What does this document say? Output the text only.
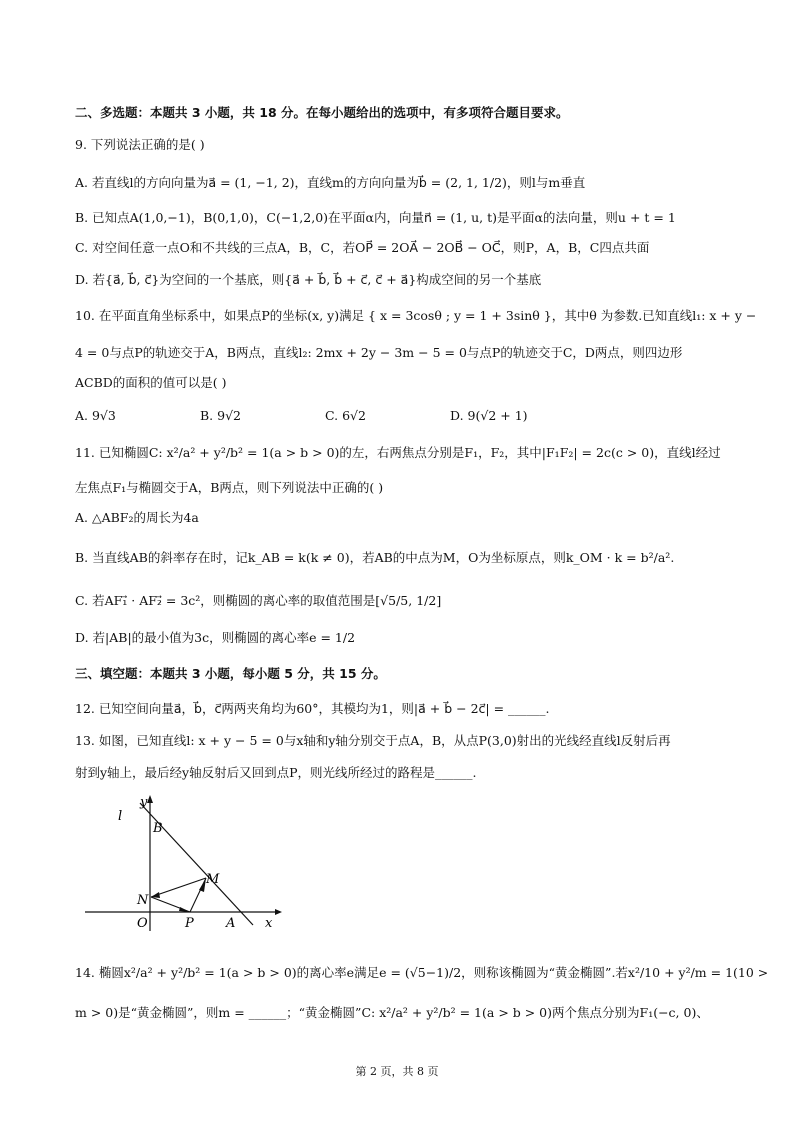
二、多选题：本题共 3 小题，共 18 分。在每小题给出的选项中，有多项符合题目要求。
9. 下列说法正确的是( )
A. 若直线l的方向向量为a⃗ = (1, −1, 2)，直线m的方向向量为b⃗ = (2, 1, 1/2)，则l与m垂直
B. 已知点A(1,0,−1)，B(0,1,0)，C(−1,2,0)在平面α内，向量n⃗ = (1, u, t)是平面α的法向量，则u + t = 1
C. 对空间任意一点O和不共线的三点A，B，C，若OP⃗ = 2OA⃗ − 2OB⃗ − OC⃗，则P，A，B，C四点共面
D. 若{a⃗, b⃗, c⃗}为空间的一个基底，则{a⃗ + b⃗, b⃗ + c⃗, c⃗ + a⃗}构成空间的另一个基底
10. 在平面直角坐标系中，如果点P的坐标(x, y)满足 { x = 3cosθ ; y = 1 + 3sinθ }，其中θ 为参数.已知直线l₁: x + y −
4 = 0与点P的轨迹交于A，B两点，直线l₂: 2mx + 2y − 3m − 5 = 0与点P的轨迹交于C，D两点，则四边形
ACBD的面积的值可以是( )
A. 9√3	B. 9√2	C. 6√2	D. 9(√2 + 1)
11. 已知椭圆C: x²/a² + y²/b² = 1(a > b > 0)的左，右两焦点分别是F₁，F₂，其中|F₁F₂| = 2c(c > 0)，直线l经过
左焦点F₁与椭圆交于A，B两点，则下列说法中正确的( )
A. △ABF₂的周长为4a
B. 当直线AB的斜率存在时，记k_AB = k(k ≠ 0)，若AB的中点为M，O为坐标原点，则k_OM · k = b²/a².
C. 若AF₁⃗ · AF₂⃗ = 3c²，则椭圆的离心率的取值范围是[√5/5, 1/2]
D. 若|AB|的最小值为3c，则椭圆的离心率e = 1/2
三、填空题：本题共 3 小题，每小题 5 分，共 15 分。
12. 已知空间向量a⃗，b⃗，c⃗两两夹角均为60°，其模均为1，则|a⃗ + b⃗ − 2c⃗| = ______.
13. 如图，已知直线l: x + y − 5 = 0与x轴和y轴分别交于点A，B，从点P(3,0)射出的光线经直线l反射后再
射到y轴上，最后经y轴反射后又回到点P，则光线所经过的路程是______.
l
y
B
M
N
O	P A x
14. 椭圆x²/a² + y²/b² = 1(a > b > 0)的离心率e满足e = (√5−1)/2，则称该椭圆为“黄金椭圆”.若x²/10 + y²/m = 1(10 >
m > 0)是“黄金椭圆”，则m = ______；“黄金椭圆”C: x²/a² + y²/b² = 1(a > b > 0)两个焦点分别为F₁(−c, 0)、
第 2 页，共 8 页
